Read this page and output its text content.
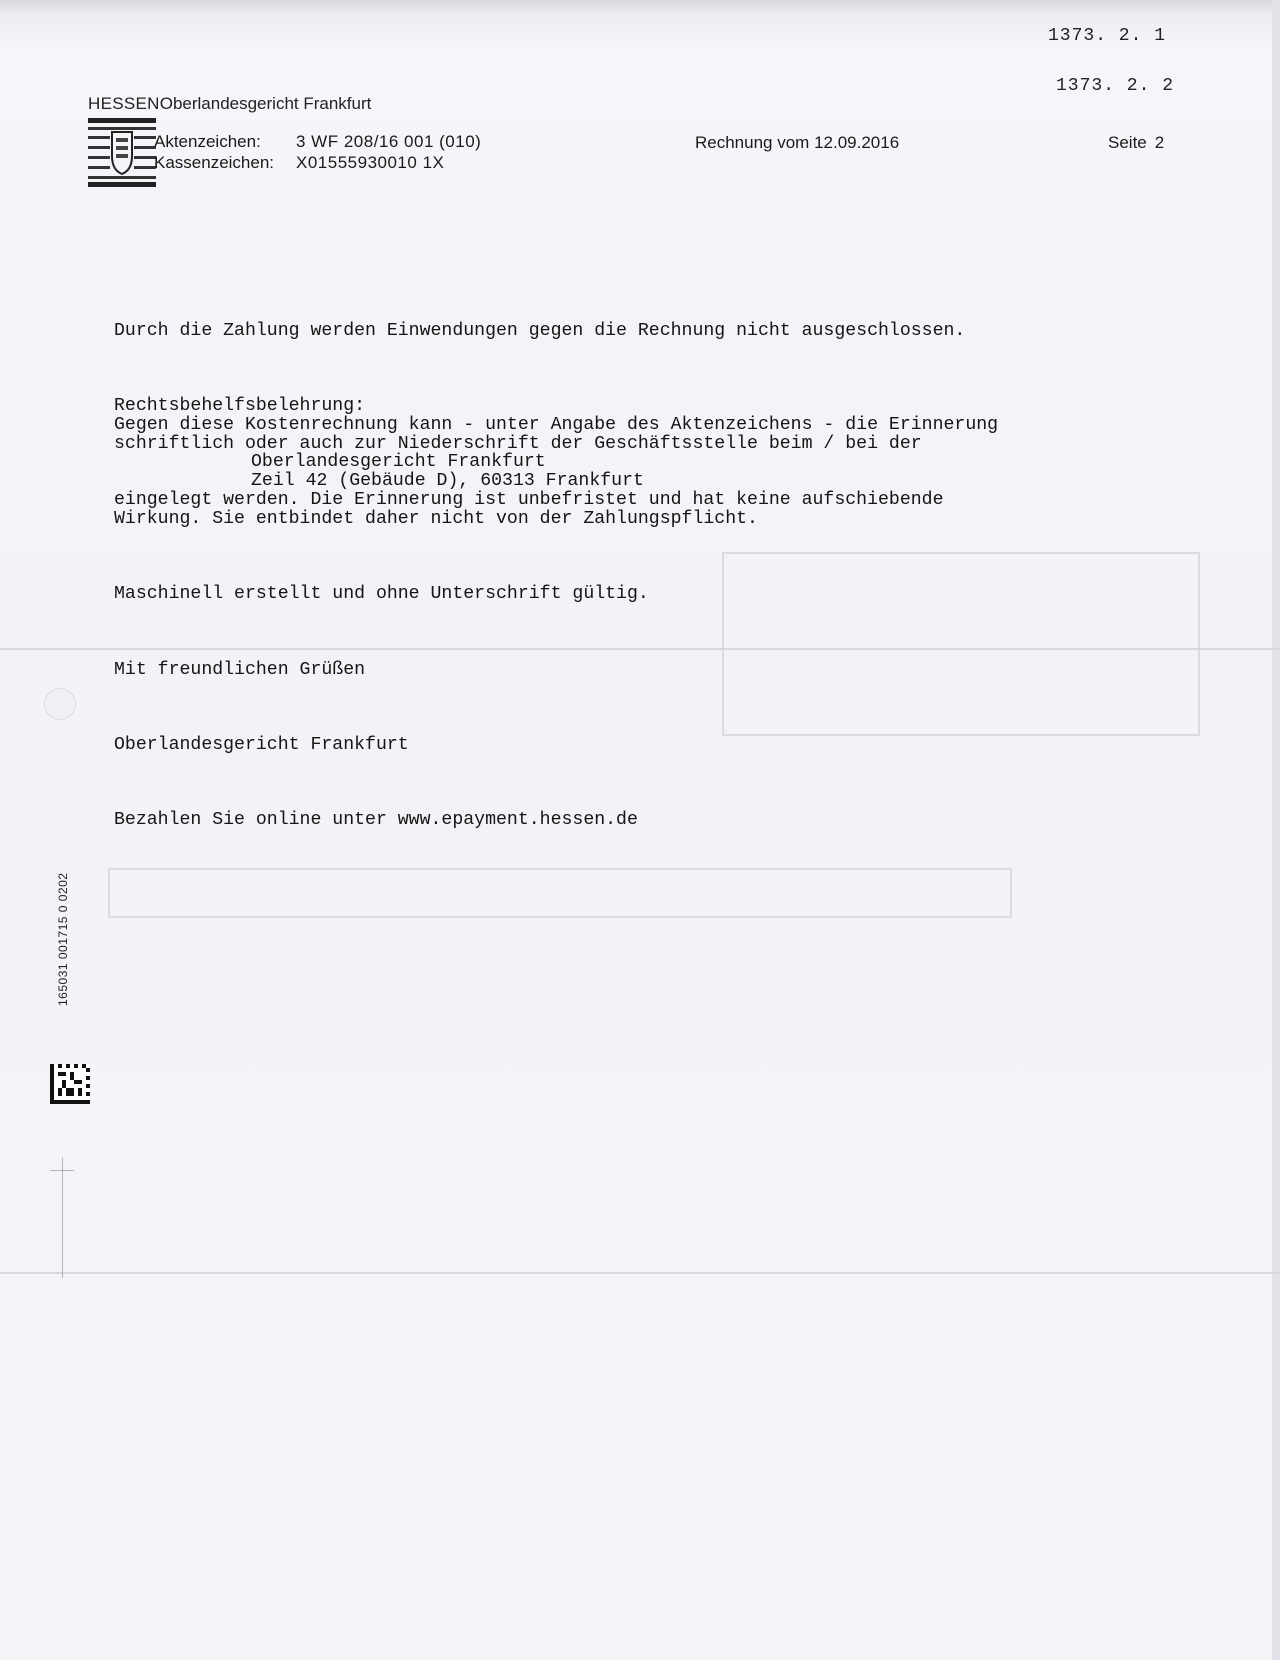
1373. 2. 1
1373. 2. 2
HESSENOberlandesgericht Frankfurt
Aktenzeichen:
Kassenzeichen:
3 WF 208/16 001 (010)
X01555930010 1X
Rechnung vom 12.09.2016	Seite 2

Durch die Zahlung werden Einwendungen gegen die Rechnung nicht ausgeschlossen.

Rechtsbehelfsbelehrung:
Gegen diese Kostenrechnung kann - unter Angabe des Aktenzeichens - die Erinnerung
schriftlich oder auch zur Niederschrift der Geschäftsstelle beim / bei der
Oberlandesgericht Frankfurt
Zeil 42 (Gebäude D), 60313 Frankfurt
eingelegt werden. Die Erinnerung ist unbefristet und hat keine aufschiebende
Wirkung. Sie entbindet daher nicht von der Zahlungspflicht.

Maschinell erstellt und ohne Unterschrift gültig.

Mit freundlichen Grüßen

Oberlandesgericht Frankfurt

Bezahlen Sie online unter www.epayment.hessen.de

165031 001715 0 0202
